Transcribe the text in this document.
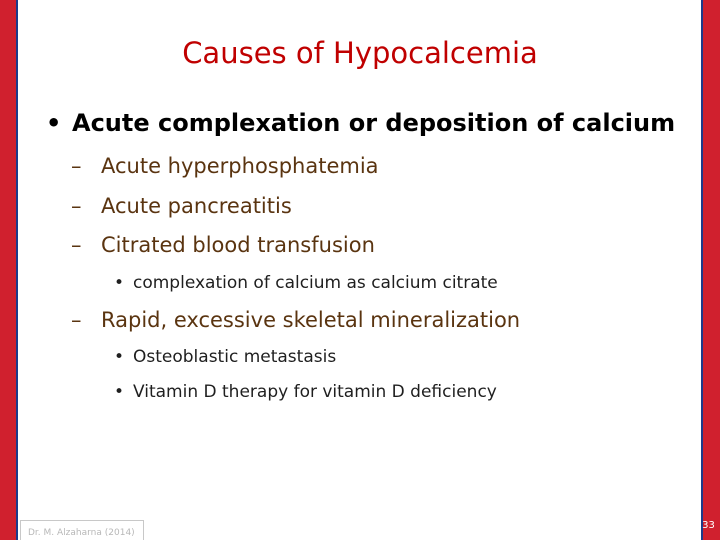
Causes of Hypocalcemia
• Acute complexation or deposition of calcium
– Acute hyperphosphatemia
– Acute pancreatitis
– Citrated blood transfusion
• complexation of calcium as calcium citrate
– Rapid, excessive skeletal mineralization
• Osteoblastic metastasis
• Vitamin D therapy for vitamin D deficiency
Dr. M. Alzaharna (2014)
33
